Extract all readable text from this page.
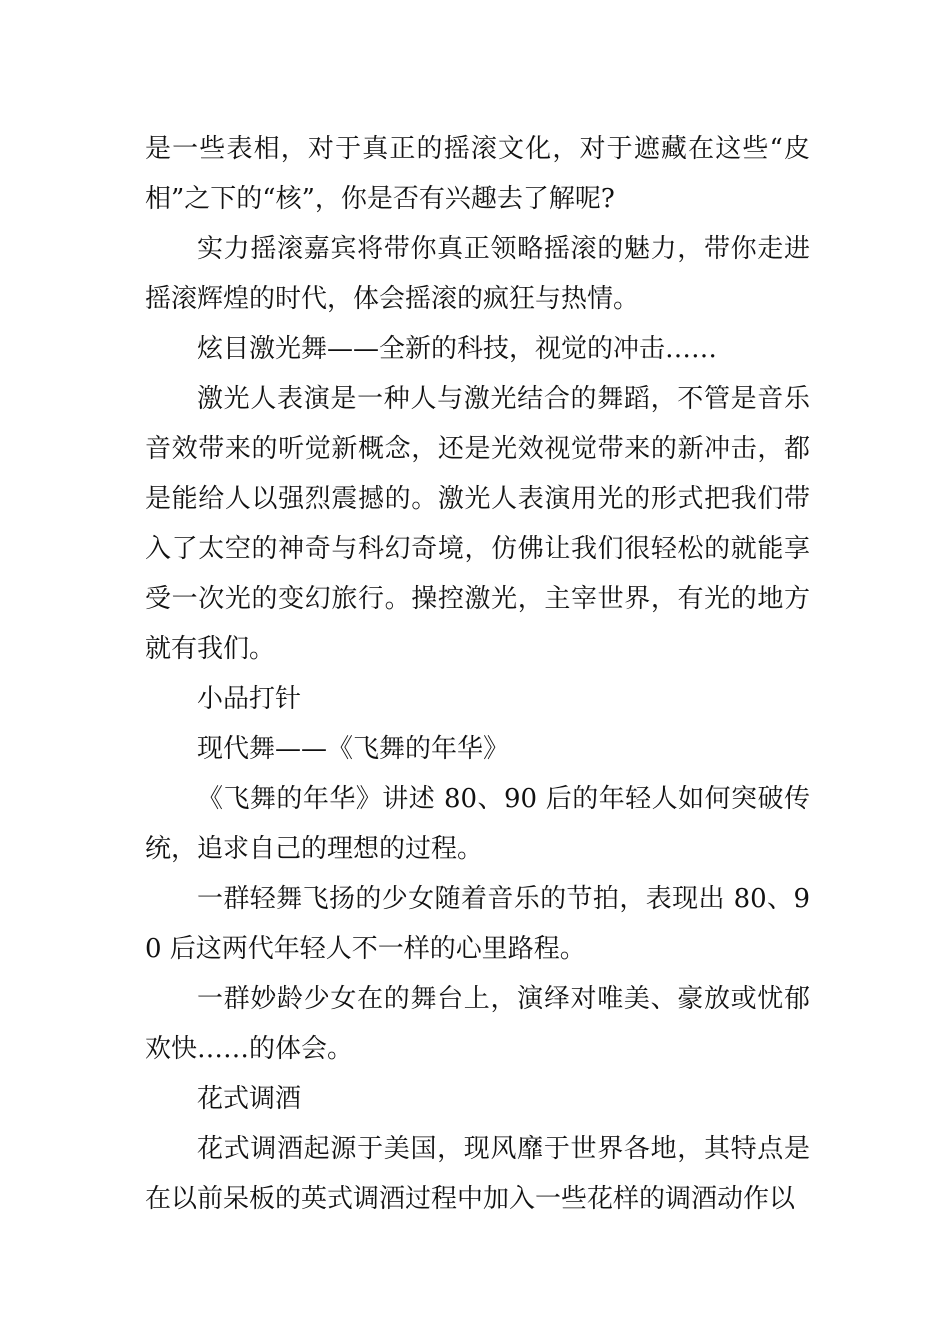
是一些表相，对于真正的摇滚文化，对于遮藏在这些“皮相”之下的“核”，你是否有兴趣去了解呢?

实力摇滚嘉宾将带你真正领略摇滚的魅力，带你走进摇滚辉煌的时代，体会摇滚的疯狂与热情。

炫目激光舞——全新的科技，视觉的冲击……

激光人表演是一种人与激光结合的舞蹈，不管是音乐音效带来的听觉新概念，还是光效视觉带来的新冲击，都是能给人以强烈震撼的。激光人表演用光的形式把我们带入了太空的神奇与科幻奇境，仿佛让我们很轻松的就能享受一次光的变幻旅行。操控激光，主宰世界，有光的地方就有我们。

小品打针

现代舞——《飞舞的年华》

《飞舞的年华》讲述 80、90 后的年轻人如何突破传统，追求自己的理想的过程。

一群轻舞飞扬的少女随着音乐的节拍，表现出 80、90 后这两代年轻人不一样的心里路程。

一群妙龄少女在的舞台上，演绎对唯美、豪放或忧郁欢快……的体会。

花式调酒

花式调酒起源于美国，现风靡于世界各地，其特点是在以前呆板的英式调酒过程中加入一些花样的调酒动作以
